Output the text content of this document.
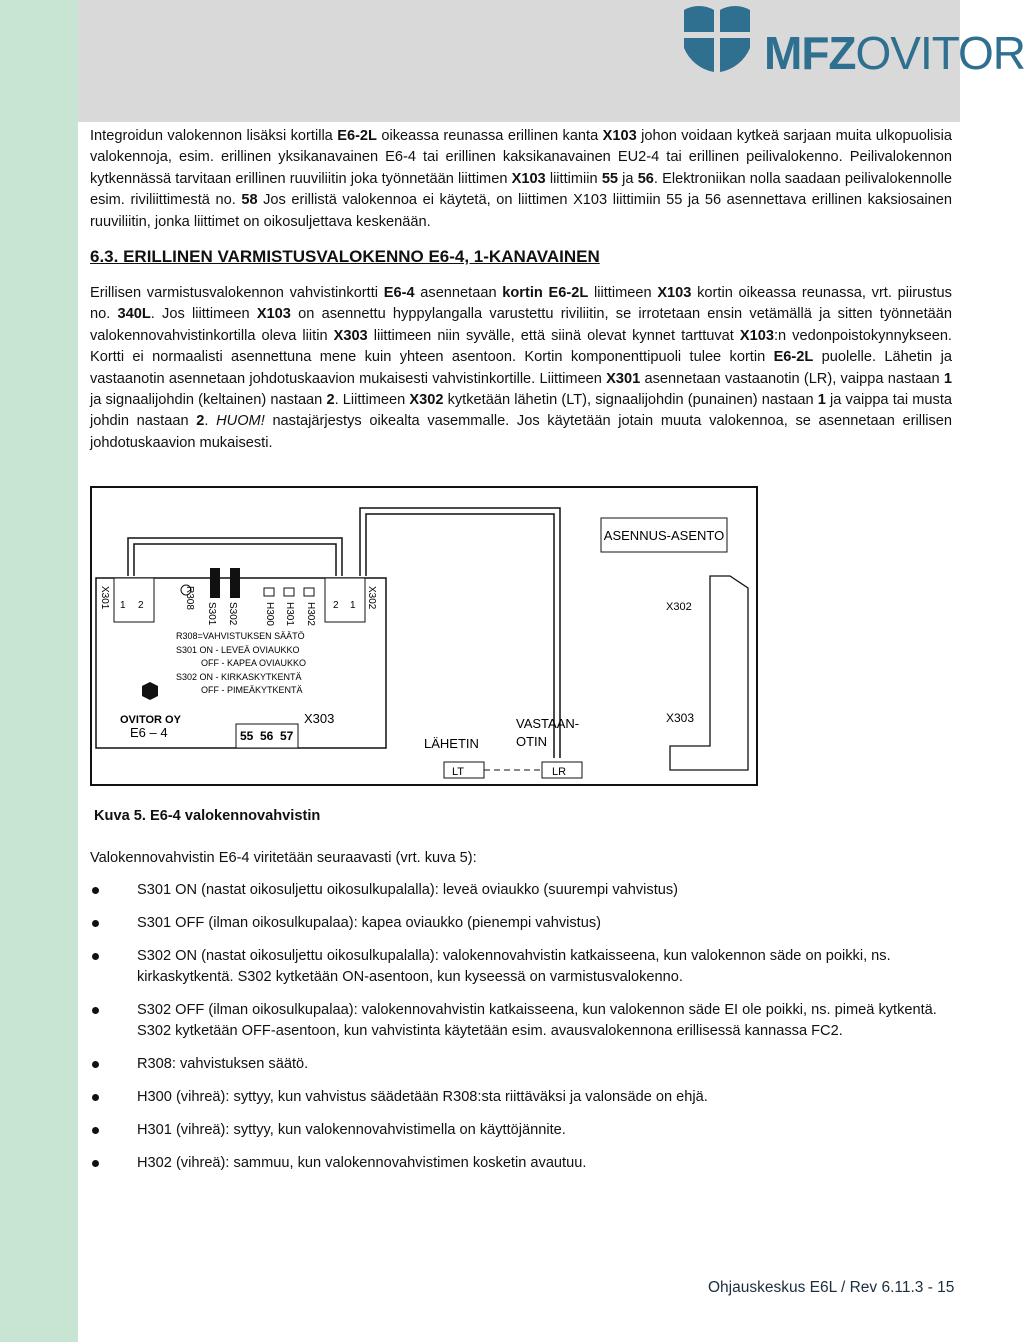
MFZOVITOR
Integroidun valokennon lisäksi kortilla E6-2L oikeassa reunassa erillinen kanta X103 johon voidaan kytkeä sarjaan muita ulkopuolisia valokennoja, esim. erillinen yksikanavainen E6-4 tai erillinen kaksikanavainen EU2-4 tai erillinen peilivalokenno. Peilivalokennon kytkennässä tarvitaan erillinen ruuviliitin joka työnnetään liittimen X103 liittimiin 55 ja 56. Elektroniikan nolla saadaan peilivalokennolle esim. riviliittimestä no. 58 Jos erillistä valokennoa ei käytetä, on liittimen X103 liittimiin 55 ja 56 asennettava erillinen kaksiosainen ruuviliitin, jonka liittimet on oikosuljettava keskenään.
6.3. ERILLINEN VARMISTUSVALOKENNO E6-4, 1-KANAVAINEN
Erillisen varmistusvalokennon vahvistinkortti E6-4 asennetaan kortin E6-2L liittimeen X103 kortin oikeassa reunassa, vrt. piirustus no. 340L. Jos liittimeen X103 on asennettu hyppylangalla varustettu riviliitin, se irrotetaan ensin vetämällä ja sitten työnnetään valokennovahvistinkortilla oleva liitin X303 liittimeen niin syvälle, että siinä olevat kynnet tarttuvat X103:n vedonpoistokynnykseen. Kortti ei normaalisti asennettuna mene kuin yhteen asentoon. Kortin komponenttipuoli tulee kortin E6-2L puolelle. Lähetin ja vastaanotin asennetaan johdotuskaavion mukaisesti vahvistinkortille. Liittimeen X301 asennetaan vastaanotin (LR), vaippa nastaan 1 ja signaalijohdin (keltainen) nastaan 2. Liittimeen X302 kytketään lähetin (LT), signaalijohdin (punainen) nastaan 1 ja vaippa tai musta johdin nastaan 2. HUOM! nastajärjestys oikealta vasemmalle. Jos käytetään jotain muuta valokennoa, se asennetaan erillisen johdotuskaavion mukaisesti.
ASENNUS-ASENTO
X301 1 2	2 1 X302
R308
S301 S302	H300 H301 H302
R308=VAHVISTUKSEN SÄÄTÖ
S301 ON - LEVEÄ OVIAUKKO
OFF - KAPEA OVIAUKKO
S302 ON - KIRKASKYTKENTÄ
OFF - PIMEÄKYTKENTÄ
OVITOR OY
E6 – 4
X303
55 56 57	LÄHETIN
VASTAAN-
OTIN
LT	LR
X302
X303
Kuva 5. E6-4 valokennovahvistin
Valokennovahvistin E6-4 viritetään seuraavasti (vrt. kuva 5):
S301 ON (nastat oikosuljettu oikosulkupalalla): leveä oviaukko (suurempi vahvistus)
S301 OFF (ilman oikosulkupalaa): kapea oviaukko (pienempi vahvistus)
S302 ON (nastat oikosuljettu oikosulkupalalla): valokennovahvistin katkaisseena, kun valokennon säde on poikki, ns. kirkaskytkentä. S302 kytketään ON-asentoon, kun kyseessä on varmistusvalokenno.
S302 OFF (ilman oikosulkupalaa): valokennovahvistin katkaisseena, kun valokennon säde EI ole poikki, ns. pimeä kytkentä. S302 kytketään OFF-asentoon, kun vahvistinta käytetään esim. avausvalokennona erillisessä kannassa FC2.
R308: vahvistuksen säätö.
H300 (vihreä): syttyy, kun vahvistus säädetään R308:sta riittäväksi ja valonsäde on ehjä.
H301 (vihreä): syttyy, kun valokennovahvistimella on käyttöjännite.
H302 (vihreä): sammuu, kun valokennovahvistimen kosketin avautuu.
Ohjauskeskus E6L / Rev 6.11.3 - 15
